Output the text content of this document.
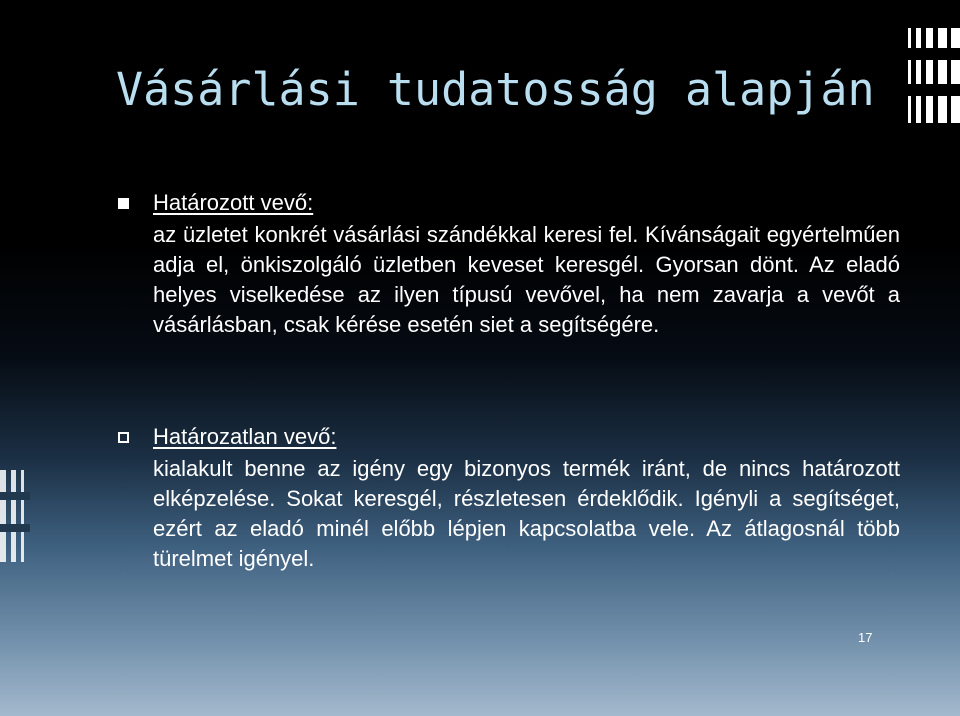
Vásárlási tudatosság alapján
Határozott vevő:

az üzletet konkrét vásárlási szándékkal keresi fel. Kívánságait egyértelműen adja el, önkiszolgáló üzletben keveset keresgél. Gyorsan dönt. Az eladó helyes viselkedése az ilyen típusú vevővel, ha nem zavarja a vevőt a vásárlásban, csak kérése esetén siet a segítségére.

Határozatlan vevő:

kialakult benne az igény egy bizonyos termék iránt, de nincs határozott elképzelése. Sokat keresgél, részletesen érdeklődik. Igényli a segítséget, ezért az eladó minél előbb lépjen kapcsolatba vele. Az átlagosnál több türelmet igényel.

17
